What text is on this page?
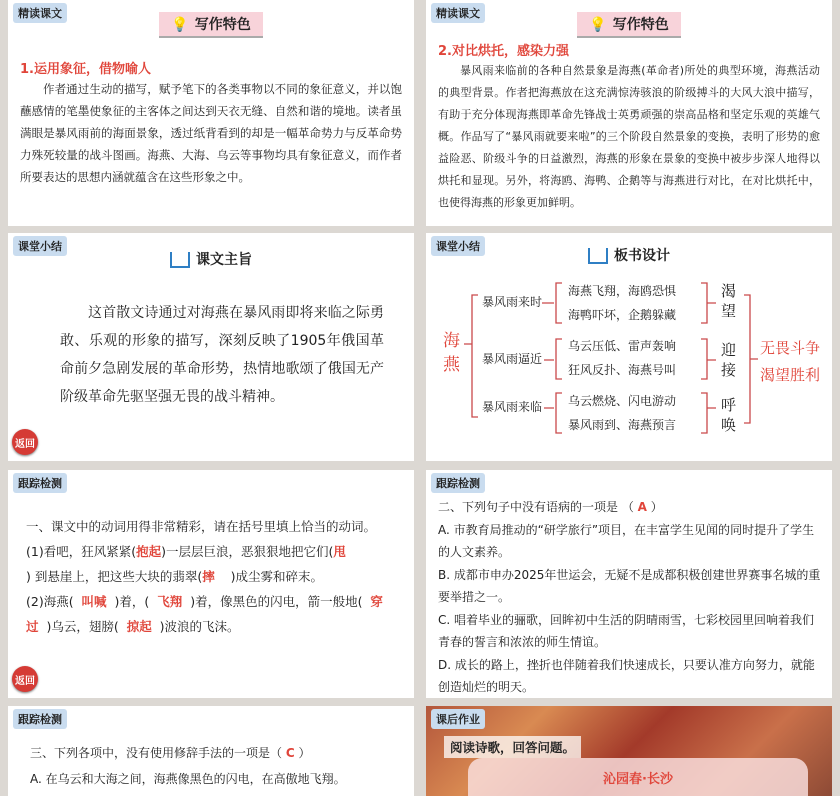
精读课文
💡 写作特色
1.运用象征，借物喻人
作者通过生动的描写，赋予笔下的各类事物以不同的象征意义，并以饱蘸感情的笔墨使象征的主客体之间达到天衣无缝、自然和谐的境地。读者虽满眼是暴风雨前的海面景象，透过纸背看到的却是一幅革命势力与反革命势力殊死较量的战斗图画。海燕、大海、乌云等事物均具有象征意义，而作者所要表达的思想内涵就蕴含在这些形象之中。
精读课文
💡 写作特色
2.对比烘托，感染力强
暴风雨来临前的各种自然景象是海燕(革命者)所处的典型环境，海燕活动的典型背景。作者把海燕放在这充满惊涛骇浪的阶级搏斗的大风大浪中描写，有助于充分体现海燕即革命先锋战士英勇顽强的崇高品格和坚定乐观的英雄气概。作品写了“暴风雨就要来啦”的三个阶段自然景象的变换，表明了形势的愈益险恶、阶级斗争的日益激烈，海燕的形象在景象的变换中被步步深人地得以烘托和显现。另外，将海鸥、海鸭、企鹅等与海燕进行对比，在对比烘托中，也使得海燕的形象更加鲜明。
课堂小结
课文主旨
这首散文诗通过对海燕在暴风雨即将来临之际勇敢、乐观的形象的描写，深刻反映了1905年俄国革命前夕急剧发展的革命形势，热情地歌颂了俄国无产阶级革命先驱坚强无畏的战斗精神。
返回
课堂小结
板书设计
海燕
暴风雨来时
暴风雨逼近
暴风雨来临
海燕飞翔，海鸥恐惧
海鸭吓坏，企鹅躲藏
乌云压低、雷声轰响
狂风反扑、海燕号叫
乌云燃烧、闪电游动
暴风雨到、海燕预言
渴望
迎接
呼唤
无畏斗争
渴望胜利
跟踪检测
一、课文中的动词用得非常精彩，请在括号里填上恰当的动词。
(1)看吧，狂风紧紧(抱起)一层层巨浪，恶狠狠地把它们(甩
) 到悬崖上，把这些大块的翡翠(摔 )成尘雾和碎末。
(2)海燕( 叫喊 )着，( 飞翔 )着，像黑色的闪电，箭一般地( 穿过 )乌云，翅膀( 掠起 )波浪的飞沫。
返回
跟踪检测
二、下列句子中没有语病的一项是 （ A ）
A. 市教育局推动的“研学旅行”项目，在丰富学生见闻的同时提升了学生的人文素养。
B. 成都市申办2025年世运会，无疑不是成都积极创建世界赛事名城的重要举措之一。
C. 唱着毕业的骊歌，回眸初中生活的阴晴雨雪，七彩校园里回响着我们青春的誓言和浓浓的师生情谊。
D. 成长的路上，挫折也伴随着我们快速成长，只要认准方向努力，就能创造灿烂的明天。
跟踪检测
三、下列各项中，没有使用修辞手法的一项是（ C ）
A. 在乌云和大海之间，海燕像黑色的闪电，在高傲地飞翔。
课后作业
阅读诗歌，回答问题。
沁园春·长沙
